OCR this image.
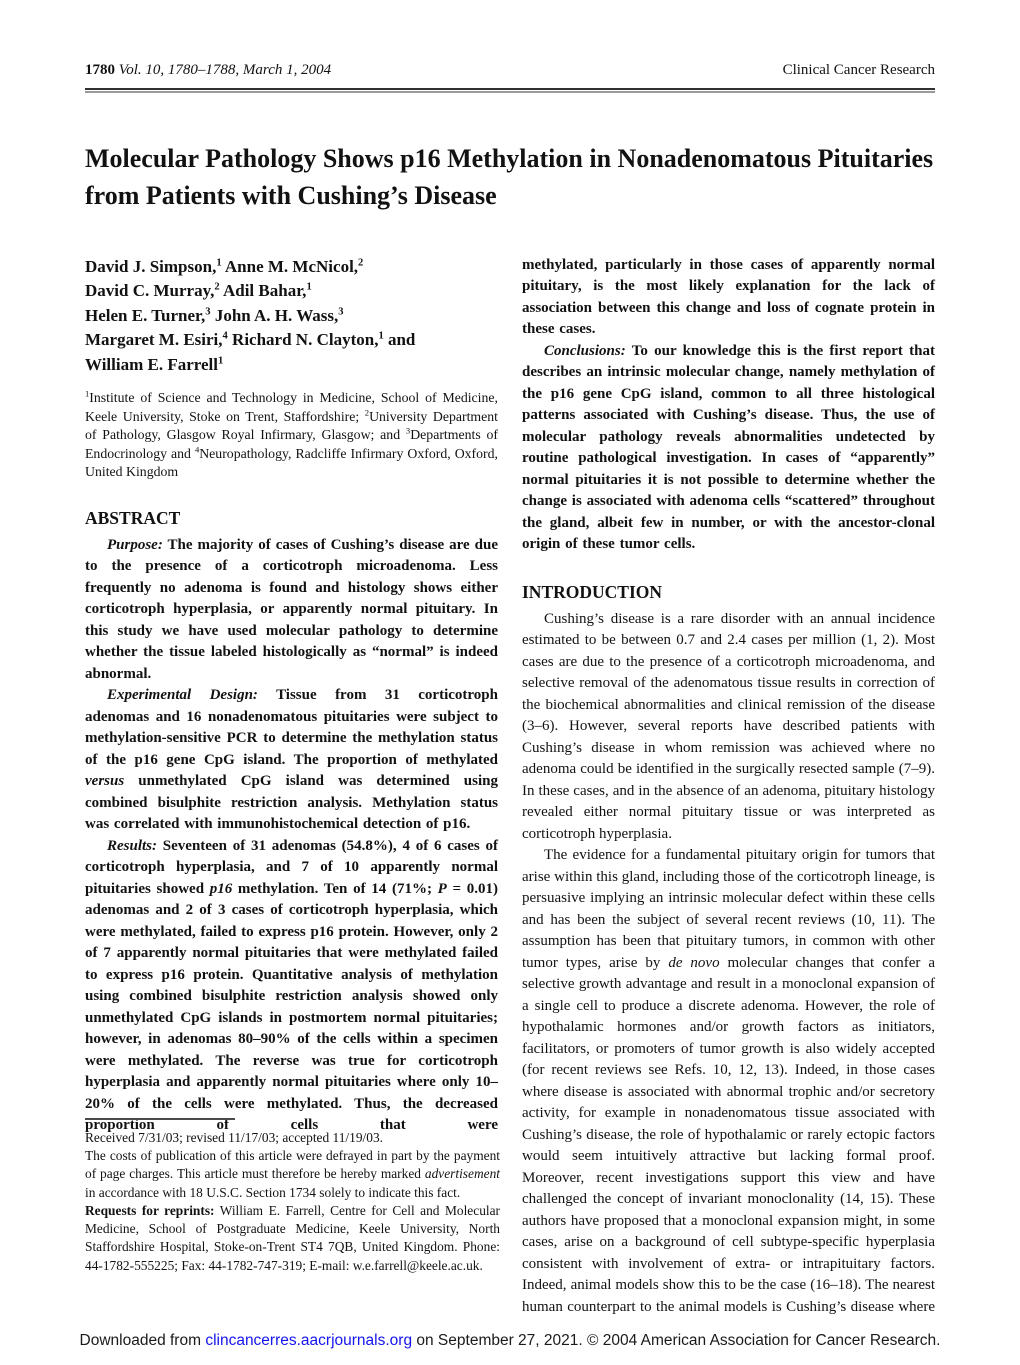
1780 Vol. 10, 1780–1788, March 1, 2004	Clinical Cancer Research
Molecular Pathology Shows p16 Methylation in Nonadenomatous Pituitaries from Patients with Cushing’s Disease
David J. Simpson,$^1$ Anne M. McNicol,$^2$
David C. Murray,$^2$ Adil Bahar,$^1$
Helen E. Turner,$^3$ John A. H. Wass,$^3$
Margaret M. Esiri,$^4$ Richard N. Clayton,$^1$ and
William E. Farrell$^1$

$^1$Institute of Science and Technology in Medicine, School of Medicine, Keele University, Stoke on Trent, Staffordshire; $^2$University Department of Pathology, Glasgow Royal Infirmary, Glasgow; and $^3$Departments of Endocrinology and $^4$Neuropathology, Radcliffe Infirmary Oxford, Oxford, United Kingdom

ABSTRACT

Purpose: The majority of cases of Cushing’s disease are due to the presence of a corticotroph microadenoma. Less frequently no adenoma is found and histology shows either corticotroph hyperplasia, or apparently normal pituitary. In this study we have used molecular pathology to determine whether the tissue labeled histologically as “normal” is indeed abnormal.

Experimental Design: Tissue from 31 corticotroph adenomas and 16 nonadenomatous pituitaries were subject to methylation-sensitive PCR to determine the methylation status of the p16 gene CpG island. The proportion of methylated versus unmethylated CpG island was determined using combined bisulphite restriction analysis. Methylation status was correlated with immunohistochemical detection of p16.

Results: Seventeen of 31 adenomas (54.8%), 4 of 6 cases of corticotroph hyperplasia, and 7 of 10 apparently normal pituitaries showed p16 methylation. Ten of 14 (71%; P = 0.01) adenomas and 2 of 3 cases of corticotroph hyperplasia, which were methylated, failed to express p16 protein. However, only 2 of 7 apparently normal pituitaries that were methylated failed to express p16 protein. Quantitative analysis of methylation using combined bisulphite restriction analysis showed only unmethylated CpG islands in postmortem normal pituitaries; however, in adenomas 80–90% of the cells within a specimen were methylated. The reverse was true for corticotroph hyperplasia and apparently normal pituitaries where only 10–20% of the cells were methylated. Thus, the decreased proportion of cells that were

methylated, particularly in those cases of apparently normal pituitary, is the most likely explanation for the lack of association between this change and loss of cognate protein in these cases.

Conclusions: To our knowledge this is the first report that describes an intrinsic molecular change, namely methylation of the p16 gene CpG island, common to all three histological patterns associated with Cushing’s disease. Thus, the use of molecular pathology reveals abnormalities undetected by routine pathological investigation. In cases of “apparently” normal pituitaries it is not possible to determine whether the change is associated with adenoma cells “scattered” throughout the gland, albeit few in number, or with the ancestor-clonal origin of these tumor cells.

INTRODUCTION

Cushing’s disease is a rare disorder with an annual incidence estimated to be between 0.7 and 2.4 cases per million (1, 2). Most cases are due to the presence of a corticotroph microadenoma, and selective removal of the adenomatous tissue results in correction of the biochemical abnormalities and clinical remission of the disease (3–6). However, several reports have described patients with Cushing’s disease in whom remission was achieved where no adenoma could be identified in the surgically resected sample (7–9). In these cases, and in the absence of an adenoma, pituitary histology revealed either normal pituitary tissue or was interpreted as corticotroph hyperplasia.

The evidence for a fundamental pituitary origin for tumors that arise within this gland, including those of the corticotroph lineage, is persuasive implying an intrinsic molecular defect within these cells and has been the subject of several recent reviews (10, 11). The assumption has been that pituitary tumors, in common with other tumor types, arise by de novo molecular changes that confer a selective growth advantage and result in a monoclonal expansion of a single cell to produce a discrete adenoma. However, the role of hypothalamic hormones and/or growth factors as initiators, facilitators, or promoters of tumor growth is also widely accepted (for recent reviews see Refs. 10, 12, 13). Indeed, in those cases where disease is associated with abnormal trophic and/or secretory activity, for example in nonadenomatous tissue associated with Cushing’s disease, the role of hypothalamic or rarely ectopic factors would seem intuitively attractive but lacking formal proof. Moreover, recent investigations support this view and have challenged the concept of invariant monoclonality (14, 15). These authors have proposed that a monoclonal expansion might, in some cases, arise on a background of cell subtype-specific hyperplasia consistent with involvement of extra- or intrapituitary factors. Indeed, animal models show this to be the case (16–18). The nearest human counterpart to the animal models is Cushing’s disease where

Received 7/31/03; revised 11/17/03; accepted 11/19/03.

The costs of publication of this article were defrayed in part by the payment of page charges. This article must therefore be hereby marked advertisement in accordance with 18 U.S.C. Section 1734 solely to indicate this fact.

Requests for reprints: William E. Farrell, Centre for Cell and Molecular Medicine, School of Postgraduate Medicine, Keele University, North Staffordshire Hospital, Stoke-on-Trent ST4 7QB, United Kingdom. Phone: 44-1782-555225; Fax: 44-1782-747-319; E-mail: w.e.farrell@keele.ac.uk.

Downloaded from clincancerres.aacrjournals.org on September 27, 2021. © 2004 American Association for Cancer Research.
